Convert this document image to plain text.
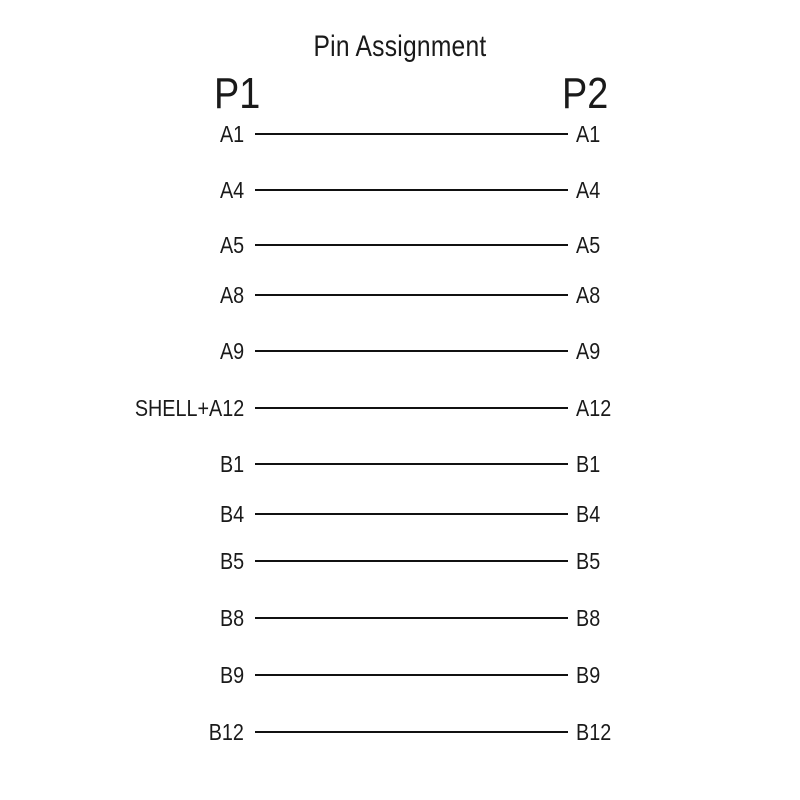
Pin Assignment
P1	P2
A1	A1
A4	A4
A5	A5
A8	A8
A9	A9
SHELL+A12	A12
B1	B1
B4	B4
B5	B5
B8	B8
B9	B9
B12	B12
